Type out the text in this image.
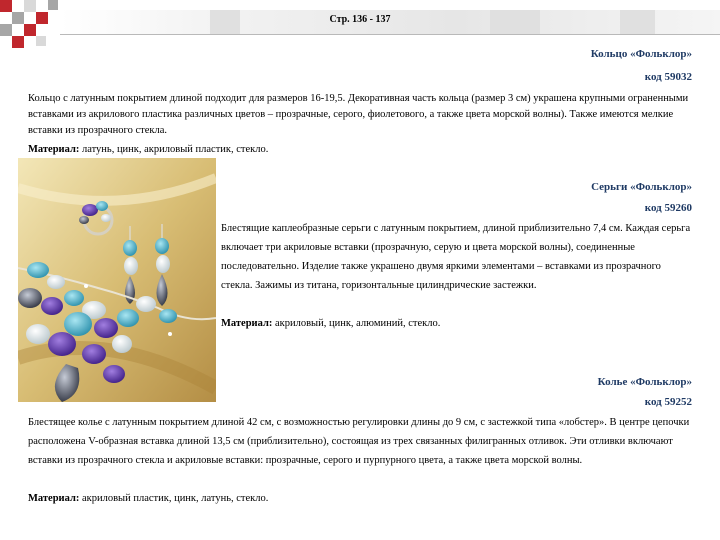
Стр. 136 - 137
Кольцо «Фольклор»
код 59032
Кольцо с латунным покрытием длиной подходит для размеров 16-19,5. Декоративная часть кольца (размер 3 см) украшена крупными ограненными вставками из акрилового пластика различных цветов – прозрачные, серого, фиолетового, а также цвета морской волны). Также имеются мелкие вставки из прозрачного стекла.
Материал: латунь, цинк, акриловый пластик, стекло.
Серьги «Фольклор»
код 59260
Блестящие каплеобразные серьги с латунным покрытием, длиной приблизительно 7,4 см. Каждая серьга включает три акриловые вставки (прозрачную, серую и цвета морской волны), соединенные последовательно. Изделие также украшено двумя яркими элементами – вставками из прозрачного стекла. Зажимы из титана, горизонтальные цилиндрические застежки.
Материал: акриловый, цинк, алюминий, стекло.
Колье «Фольклор»
код 59252
Блестящее колье с латунным покрытием длиной 42 см, с возможностью регулировки длины до 9 см, с застежкой типа «лобстер». В центре цепочки расположена V-образная вставка длиной 13,5 см (приблизительно), состоящая из трех связанных филигранных отливок. Эти отливки включают вставки из прозрачного стекла и акриловые вставки: прозрачные, серого и пурпурного цвета, а также цвета морской волны.
Материал: акриловый пластик, цинк, латунь, стекло.
